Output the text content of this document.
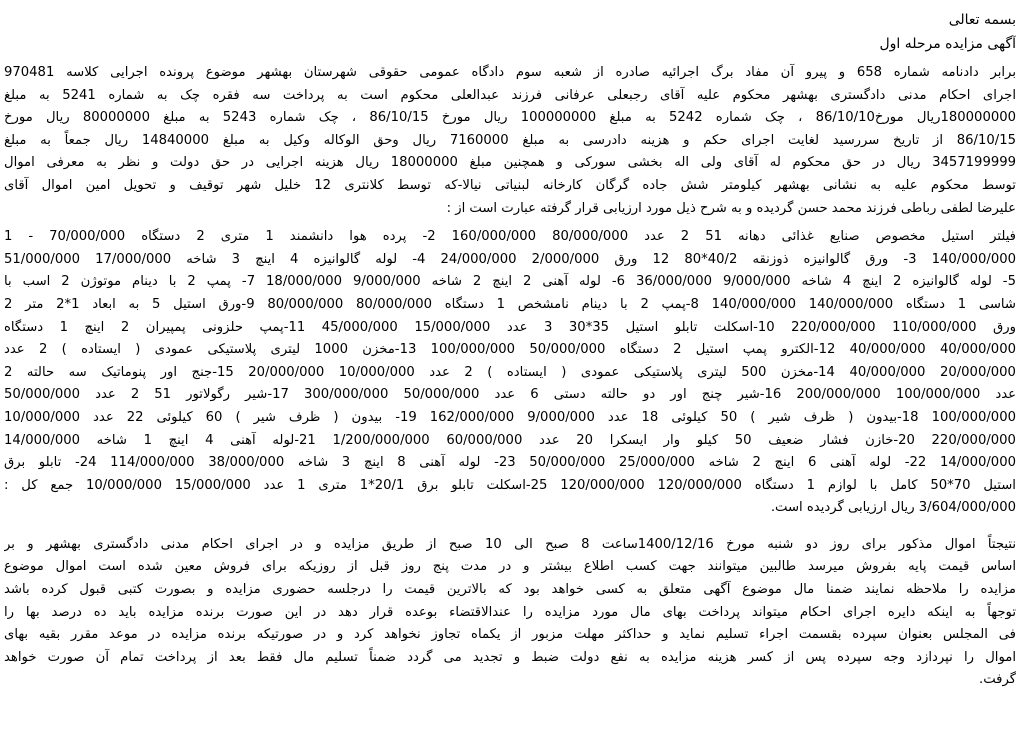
بسمه تعالی
آگهی مزایده مرحله اول
برابر دادنامه شماره 658 و پیرو آن مفاد برگ اجرائیه صادره از شعبه سوم دادگاه عمومی حقوقی شهرستان بهشهر موضوع پرونده اجرایی کلاسه 970481
اجرای احکام مدنی دادگستری بهشهر محکوم علیه آقای رجبعلی عرفانی فرزند عبدالعلی محکوم است به پرداخت سه فقره چک به شماره 5241 به مبلغ
180000000ریال مورخ86/10/10 ، چک شماره 5242 به مبلغ 100000000 ریال مورخ 86/10/15 ، چک شماره 5243 به مبلغ 80000000 ریال مورخ
86/10/15 از تاریخ سررسید لغایت اجرای حکم و هزینه دادرسی به مبلغ 7160000 ریال وحق الوکاله وکیل به مبلغ 14840000 ریال جمعاً به مبلغ
3457199999 ریال در حق محکوم له آقای ولی اله بخشی سورکی و همچنین مبلغ 18000000 ریال هزینه اجرایی در حق دولت و نظر به معرفی اموال
توسط محکوم علیه به نشانی بهشهر کیلومتر شش جاده گرگان کارخانه لبنیاتی نیالا-که توسط کلانتری 12 خلیل شهر توقیف و تحویل امین اموال آقای
علیرضا لطفی رباطی فرزند محمد حسن گردیده و به شرح ذیل مورد ارزیابی قرار گرفته عبارت است از :
فیلتر استیل مخصوص صنایع غذائی دهانه 51 2 عدد 80/000/000 160/000/000 2- پرده هوا دانشمند 1 متری 2 دستگاه 70/000/000 - 1
140/000/000 3- ورق گالوانیزه ذوزنقه 40/2*80 12 ورق 2/000/000 24/000/000 4- لوله گالوانیزه 4 اینچ 3 شاخه 17/000/000 51/000/000
5- لوله گالوانیزه 2 اینچ 4 شاخه 9/000/000 36/000/000 6- لوله آهنی 2 اینچ 2 شاخه 9/000/000 18/000/000 7- پمپ 2 با دینام موتوژن 2 اسب با
شاسی 1 دستگاه 140/000/000 140/000/000 8-پمپ 2 با دینام نامشخص 1 دستگاه 80/000/000 80/000/000 9-ورق استیل 5 به ابعاد 1*2 متر 2
ورق 110/000/000 220/000/000 10-اسکلت تابلو استیل 35*30 3 عدد 15/000/000 45/000/000 11-پمپ حلزونی پمپیران 2 اینچ 1 دستگاه
40/000/000 40/000/000 12-الکترو پمپ استیل 2 دستگاه 50/000/000 100/000/000 13-مخزن 1000 لیتری پلاستیکی عمودی ( ایستاده ) 2 عدد
20/000/000 40/000/000 14-مخزن 500 لیتری پلاستیکی عمودی ( ایستاده ) 2 عدد 10/000/000 20/000/000 15-جنج اور پنوماتیک سه حالته 2
عدد 100/000/000 200/000/000 16-شیر چنج اور دو حالته دستی 6 عدد 50/000/000 300/000/000 17-شیر رگولاتور 51 2 عدد 50/000/000
100/000/000 18-بیدون ( ظرف شیر ) 50 کیلوئی 18 عدد 9/000/000 162/000/000 19- بیدون ( ظرف شیر ) 60 کیلوئی 22 عدد 10/000/000
220/000/000 20-خازن فشار ضعیف 50 کیلو وار ایسکرا 20 عدد 60/000/000 1/200/000/000 21-لوله آهنی 4 اینچ 1 شاخه 14/000/000
14/000/000 22- لوله آهنی 6 اینچ 2 شاخه 25/000/000 50/000/000 23- لوله آهنی 8 اینچ 3 شاخه 38/000/000 114/000/000 24- تابلو برق
استیل 70*50 کامل با لوازم 1 دستگاه 120/000/000 120/000/000 25-اسکلت تابلو برق 20/1*1 متری 1 عدد 15/000/000 10/000/000 جمع کل :
3/604/000/000 ریال ارزیابی گردیده است.
نتیجتاً اموال مذکور برای روز دو شنبه مورخ 1400/12/16ساعت 8 صبح الی 10 صبح از طریق مزایده و در اجرای احکام مدنی دادگستری بهشهر و بر
اساس قیمت پایه بفروش میرسد طالبین میتوانند جهت کسب اطلاع بیشتر و در مدت پنج روز قبل از روزیکه برای فروش معین شده است اموال موضوع
مزایده را ملاحظه نمایند ضمنا مال موضوع آگهی متعلق به کسی خواهد بود که بالاترین قیمت را درجلسه حضوری مزایده و بصورت کتبی قبول کرده باشد
توجهاً به اینکه دایره اجرای احکام میتواند پرداخت بهای مال مورد مزایده را عندالاقتضاء بوعده قرار دهد در این صورت برنده مزایده باید ده درصد بها را
فی المجلس بعنوان سپرده بقسمت اجراء تسلیم نماید و حداکثر مهلت مزبور از یکماه تجاوز نخواهد کرد و در صورتیکه برنده مزایده در موعد مقرر بقیه بهای
اموال را نپردازد وجه سپرده پس از کسر هزینه مزایده به نفع دولت ضبط و تجدید می گردد ضمناً تسلیم مال فقط بعد از پرداخت تمام آن صورت خواهد
گرفت.
